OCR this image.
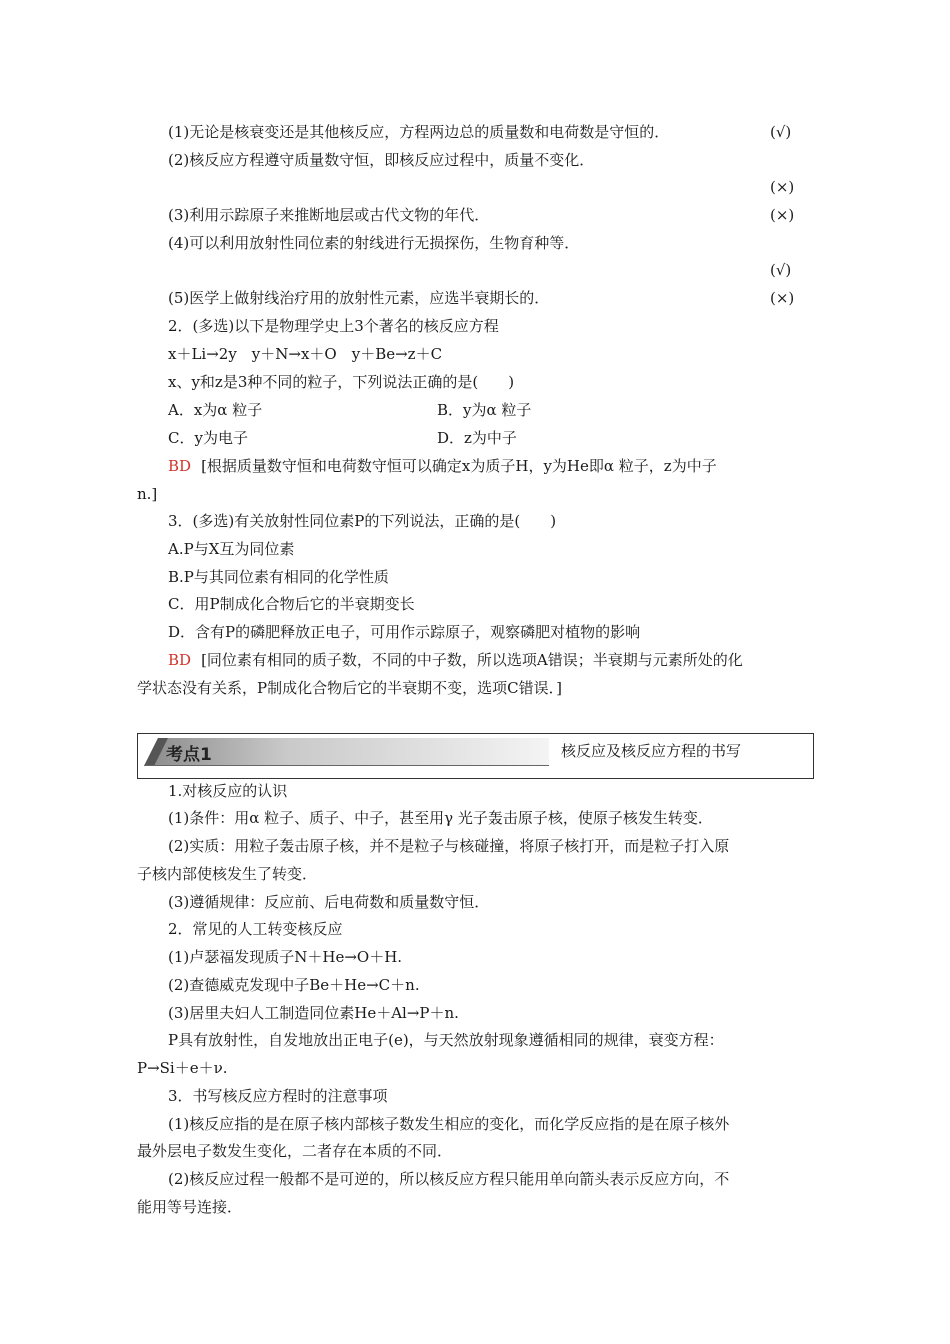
(1)无论是核衰变还是其他核反应，方程两边总的质量数和电荷数是守恒的．	(√)
(2)核反应方程遵守质量数守恒，即核反应过程中，质量不变化．
(×)
(3)利用示踪原子来推断地层或古代文物的年代．	(×)
(4)可以利用放射性同位素的射线进行无损探伤，生物育种等．
(√)
(5)医学上做射线治疗用的放射性元素，应选半衰期长的．	(×)
2．(多选)以下是物理学史上3个著名的核反应方程
x＋Li→2y　y＋N→x＋O　y＋Be→z＋C
x、y和z是3种不同的粒子，下列说法正确的是(　　)
A．x为α 粒子	B．y为α 粒子
C．y为电子	D．z为中子
BD [根据质量数守恒和电荷数守恒可以确定x为质子H，y为He即α 粒子，z为中子
n.]
3．(多选)有关放射性同位素P的下列说法，正确的是(　　)
A.P与X互为同位素
B.P与其同位素有相同的化学性质
C．用P制成化合物后它的半衰期变长
D．含有P的磷肥释放正电子，可用作示踪原子，观察磷肥对植物的影响
BD [同位素有相同的质子数，不同的中子数，所以选项A错误；半衰期与元素所处的化
学状态没有关系，P制成化合物后它的半衰期不变，选项C错误．]
考点1	核反应及核反应方程的书写
1.对核反应的认识
(1)条件：用α 粒子、质子、中子，甚至用γ 光子轰击原子核，使原子核发生转变．
(2)实质：用粒子轰击原子核，并不是粒子与核碰撞，将原子核打开，而是粒子打入原
子核内部使核发生了转变．
(3)遵循规律：反应前、后电荷数和质量数守恒．
2．常见的人工转变核反应
(1)卢瑟福发现质子N＋He→O＋H.
(2)查德威克发现中子Be＋He→C＋n.
(3)居里夫妇人工制造同位素He＋Al→P＋n.
P具有放射性，自发地放出正电子(e)，与天然放射现象遵循相同的规律，衰变方程：
P→Si＋e＋ν.
3．书写核反应方程时的注意事项
(1)核反应指的是在原子核内部核子数发生相应的变化，而化学反应指的是在原子核外
最外层电子数发生变化，二者存在本质的不同．
(2)核反应过程一般都不是可逆的，所以核反应方程只能用单向箭头表示反应方向，不
能用等号连接．
